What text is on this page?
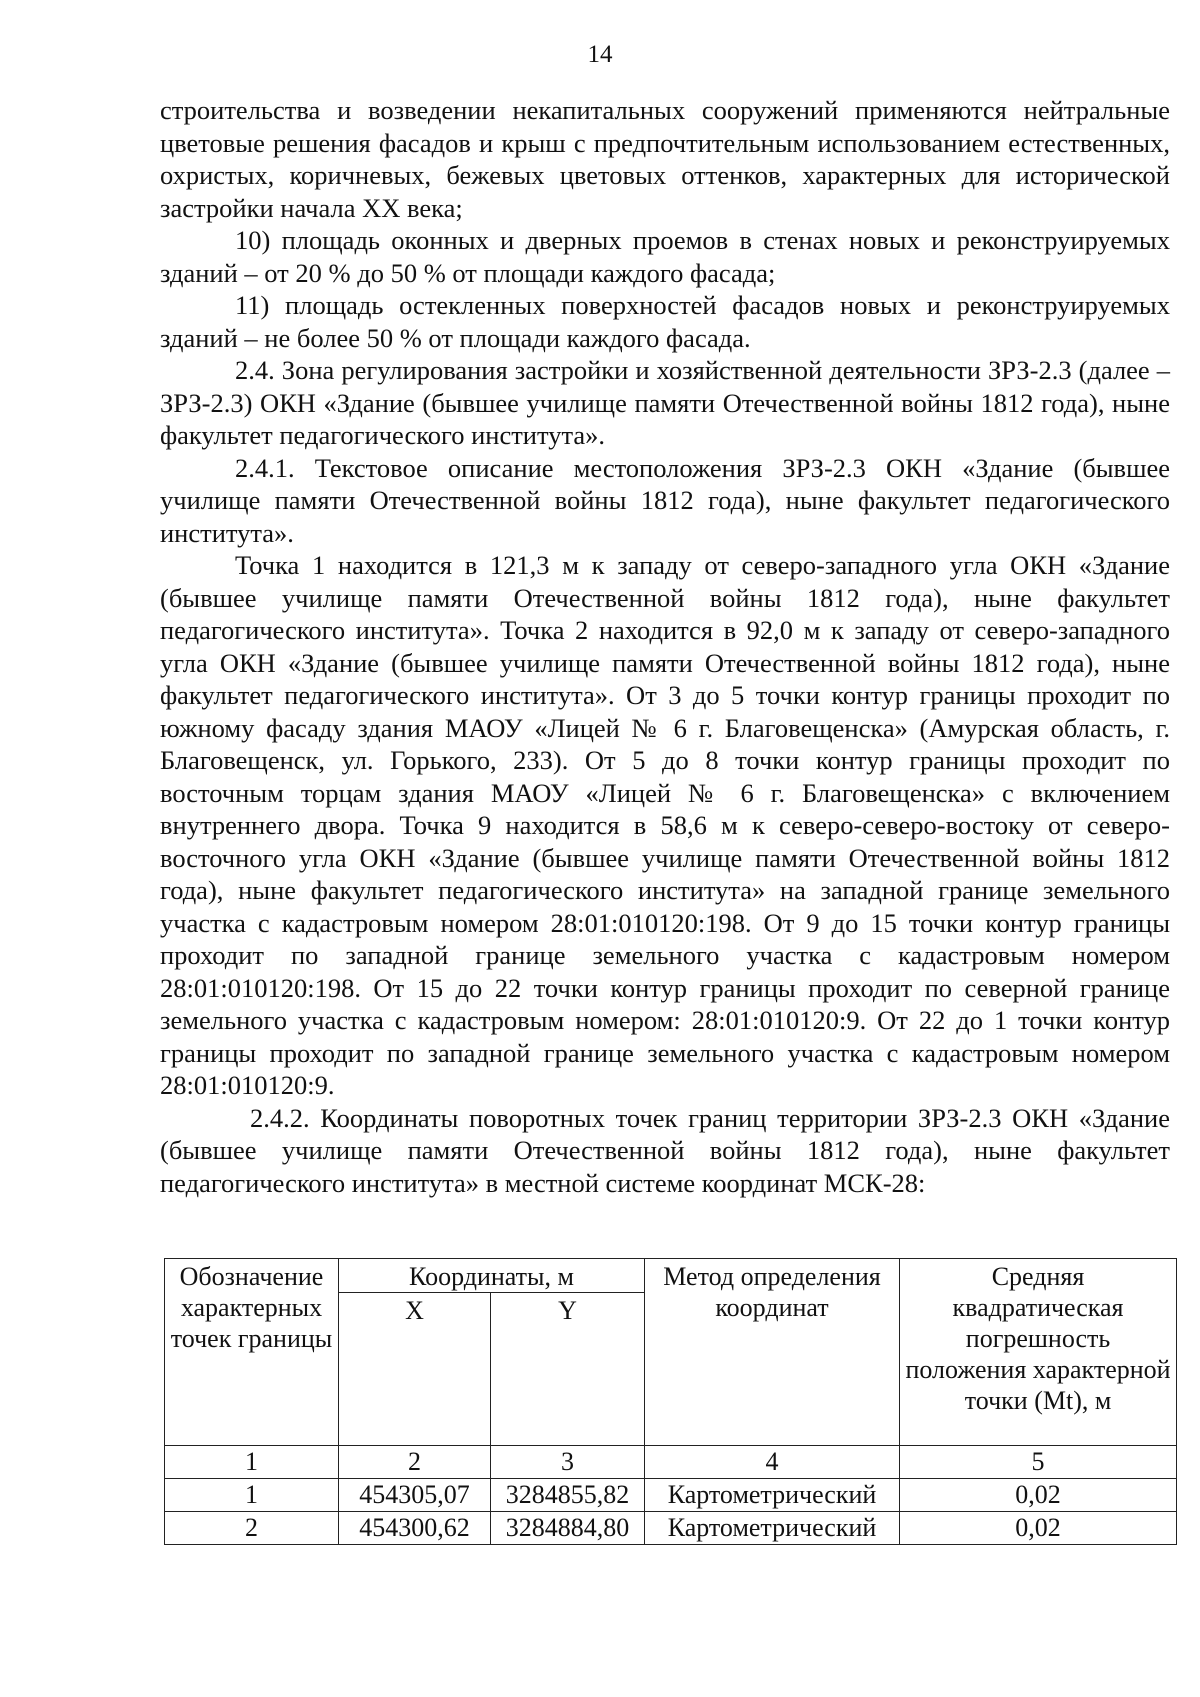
14

строительства и возведении некапитальных сооружений применяются нейтральные цветовые решения фасадов и крыш с предпочтительным использованием естественных, охристых, коричневых, бежевых цветовых оттенков, характерных для исторической застройки начала XX века;

10) площадь оконных и дверных проемов в стенах новых и реконструируемых зданий – от 20 % до 50 % от площади каждого фасада;

11) площадь остекленных поверхностей фасадов новых и реконструируемых зданий – не более 50 % от площади каждого фасада.

2.4. Зона регулирования застройки и хозяйственной деятельности ЗРЗ-2.3 (далее – ЗРЗ-2.3) ОКН «Здание (бывшее училище памяти Отечественной войны 1812 года), ныне факультет педагогического института».

2.4.1. Текстовое описание местоположения ЗРЗ-2.3 ОКН «Здание (бывшее училище памяти Отечественной войны 1812 года), ныне факультет педагогического института».

Точка 1 находится в 121,3 м к западу от северо-западного угла ОКН «Здание (бывшее училище памяти Отечественной войны 1812 года), ныне факультет педагогического института». Точка 2 находится в 92,0 м к западу от северо-западного угла ОКН «Здание (бывшее училище памяти Отечественной войны 1812 года), ныне факультет педагогического института». От 3 до 5 точки контур границы проходит по южному фасаду здания МАОУ «Лицей № 6 г. Благовещенска» (Амурская область, г. Благовещенск, ул. Горького, 233). От 5 до 8 точки контур границы проходит по восточным торцам здания МАОУ «Лицей № 6 г. Благовещенска» с включением внутреннего двора. Точка 9 находится в 58,6 м к северо-северо-востоку от северо-восточного угла ОКН «Здание (бывшее училище памяти Отечественной войны 1812 года), ныне факультет педагогического института» на западной границе земельного участка с кадастровым номером 28:01:010120:198. От 9 до 15 точки контур границы проходит по западной границе земельного участка с кадастровым номером 28:01:010120:198. От 15 до 22 точки контур границы проходит по северной границе земельного участка с кадастровым номером: 28:01:010120:9. От 22 до 1 точки контур границы проходит по западной границе земельного участка с кадастровым номером 28:01:010120:9.

2.4.2. Координаты поворотных точек границ территории ЗРЗ-2.3 ОКН «Здание (бывшее училище памяти Отечественной войны 1812 года), ныне факультет педагогического института» в местной системе координат МСК-28:

Обозначение характерных точек границы	Координаты, м		Метод определения координат	Средняя квадратическая погрешность положения характерной точки (Mt), м
	X	Y		
1	2	3	4	5
1	454305,07	3284855,82	Картометрический	0,02
2	454300,62	3284884,80	Картометрический	0,02
